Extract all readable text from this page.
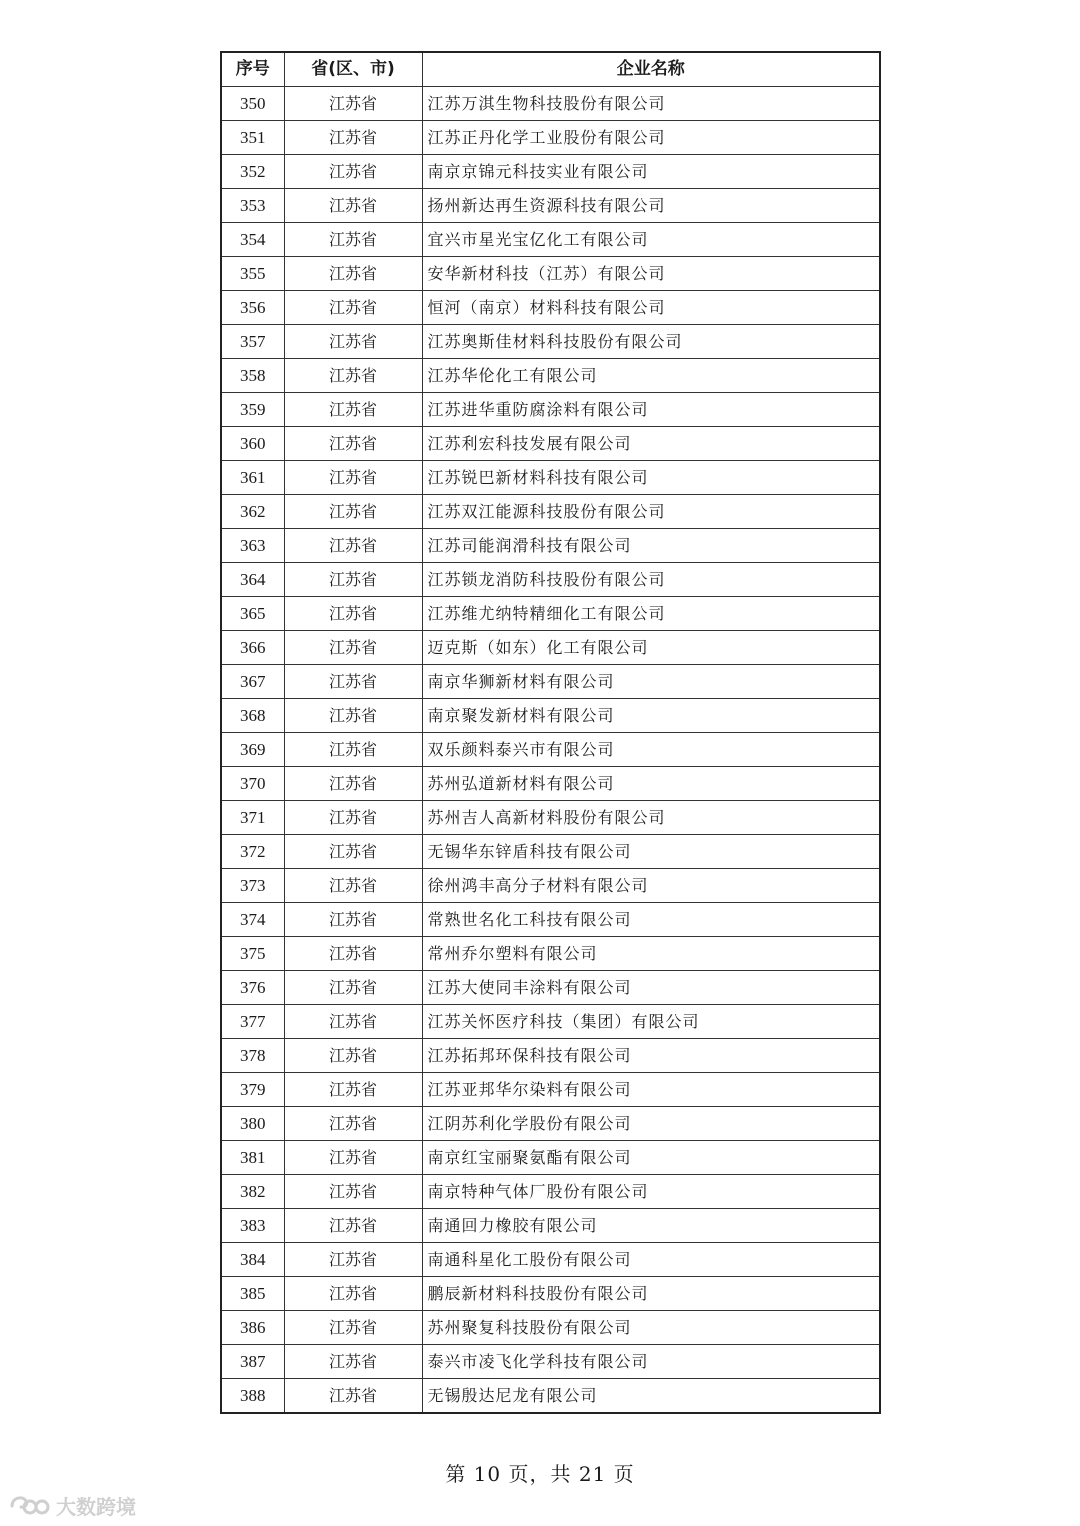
序号	省(区、市)	企业名称
350	江苏省	江苏万淇生物科技股份有限公司
351	江苏省	江苏正丹化学工业股份有限公司
352	江苏省	南京京锦元科技实业有限公司
353	江苏省	扬州新达再生资源科技有限公司
354	江苏省	宜兴市星光宝亿化工有限公司
355	江苏省	安华新材科技（江苏）有限公司
356	江苏省	恒河（南京）材料科技有限公司
357	江苏省	江苏奥斯佳材料科技股份有限公司
358	江苏省	江苏华伦化工有限公司
359	江苏省	江苏进华重防腐涂料有限公司
360	江苏省	江苏利宏科技发展有限公司
361	江苏省	江苏锐巴新材料科技有限公司
362	江苏省	江苏双江能源科技股份有限公司
363	江苏省	江苏司能润滑科技有限公司
364	江苏省	江苏锁龙消防科技股份有限公司
365	江苏省	江苏维尤纳特精细化工有限公司
366	江苏省	迈克斯（如东）化工有限公司
367	江苏省	南京华狮新材料有限公司
368	江苏省	南京聚发新材料有限公司
369	江苏省	双乐颜料泰兴市有限公司
370	江苏省	苏州弘道新材料有限公司
371	江苏省	苏州吉人高新材料股份有限公司
372	江苏省	无锡华东锌盾科技有限公司
373	江苏省	徐州鸿丰高分子材料有限公司
374	江苏省	常熟世名化工科技有限公司
375	江苏省	常州乔尔塑料有限公司
376	江苏省	江苏大使同丰涂料有限公司
377	江苏省	江苏关怀医疗科技（集团）有限公司
378	江苏省	江苏拓邦环保科技有限公司
379	江苏省	江苏亚邦华尔染料有限公司
380	江苏省	江阴苏利化学股份有限公司
381	江苏省	南京红宝丽聚氨酯有限公司
382	江苏省	南京特种气体厂股份有限公司
383	江苏省	南通回力橡胶有限公司
384	江苏省	南通科星化工股份有限公司
385	江苏省	鹏辰新材料科技股份有限公司
386	江苏省	苏州聚复科技股份有限公司
387	江苏省	泰兴市凌飞化学科技有限公司
388	江苏省	无锡殷达尼龙有限公司
第 10 页，共 21 页
大数跨境
